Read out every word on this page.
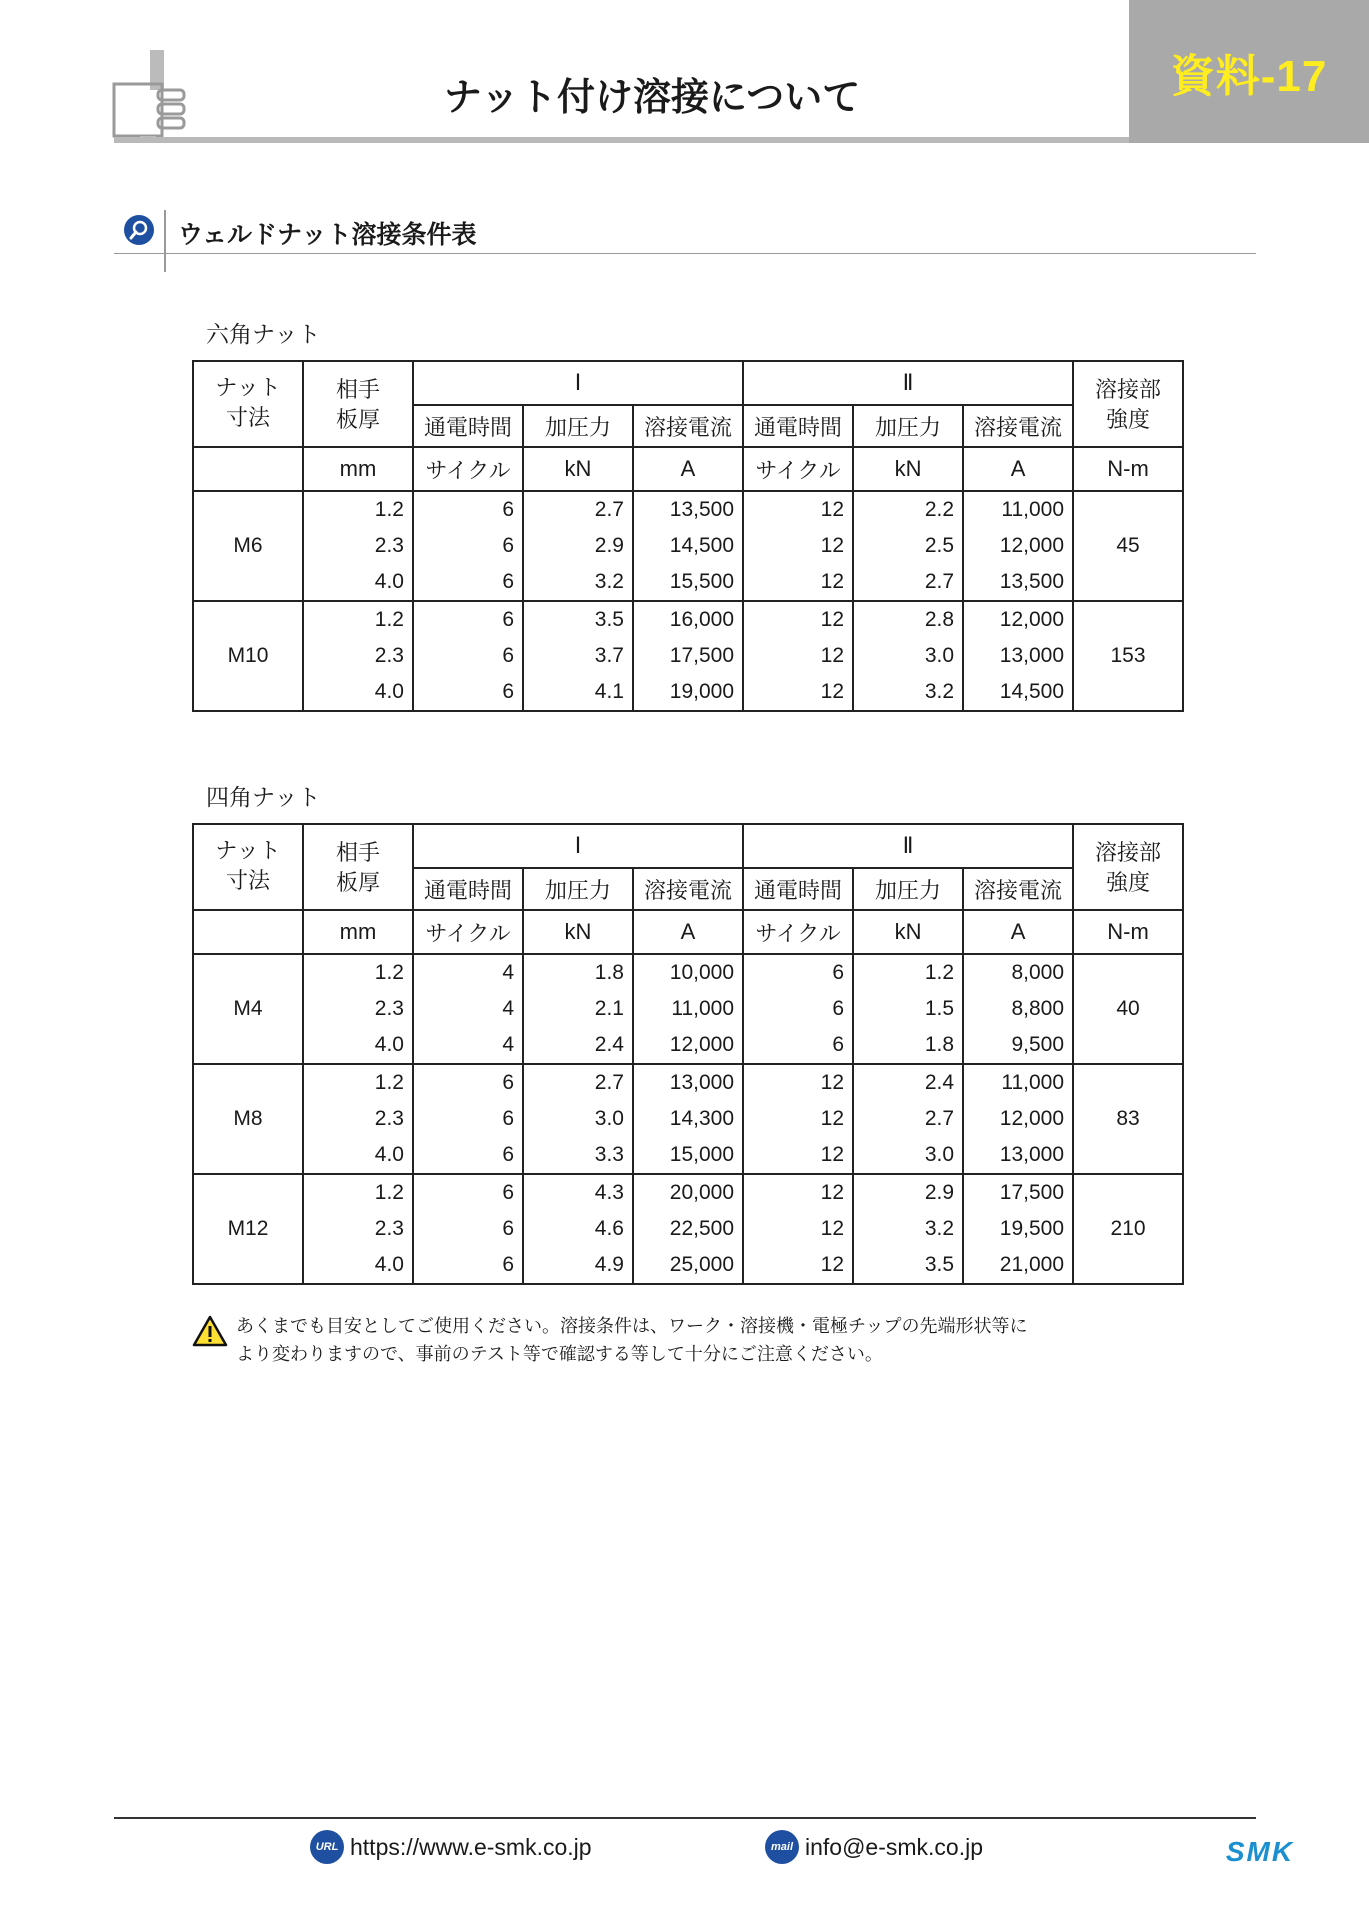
ナット付け溶接について	資料-17
ウェルドナット溶接条件表
六角ナット
ナット
寸法	相手
板厚	Ⅰ			Ⅱ			溶接部
強度
		通電時間	加圧力	溶接電流	通電時間	加圧力	溶接電流	
	mm	サイクル	kN	A	サイクル	kN	A	N-m
M6	1.2	6	2.7	13,500	12	2.2	11,000	45
	2.3	6	2.9	14,500	12	2.5	12,000	
	4.0	6	3.2	15,500	12	2.7	13,500	
M10	1.2	6	3.5	16,000	12	2.8	12,000	153
	2.3	6	3.7	17,500	12	3.0	13,000	
	4.0	6	4.1	19,000	12	3.2	14,500	
四角ナット
ナット
寸法	相手
板厚	Ⅰ			Ⅱ			溶接部
強度
		通電時間	加圧力	溶接電流	通電時間	加圧力	溶接電流	
	mm	サイクル	kN	A	サイクル	kN	A	N-m
M4	1.2	4	1.8	10,000	6	1.2	8,000	40
	2.3	4	2.1	11,000	6	1.5	8,800	
	4.0	4	2.4	12,000	6	1.8	9,500	
M8	1.2	6	2.7	13,000	12	2.4	11,000	83
	2.3	6	3.0	14,300	12	2.7	12,000	
	4.0	6	3.3	15,000	12	3.0	13,000	
M12	1.2	6	4.3	20,000	12	2.9	17,500	210
	2.3	6	4.6	22,500	12	3.2	19,500	
	4.0	6	4.9	25,000	12	3.5	21,000	
あくまでも目安としてご使用ください。溶接条件は、ワーク・溶接機・電極チップの先端形状等に
より変わりますので、事前のテスト等で確認する等して十分にご注意ください。
URL https://www.e-smk.co.jp	mail info@e-smk.co.jp	SMK
